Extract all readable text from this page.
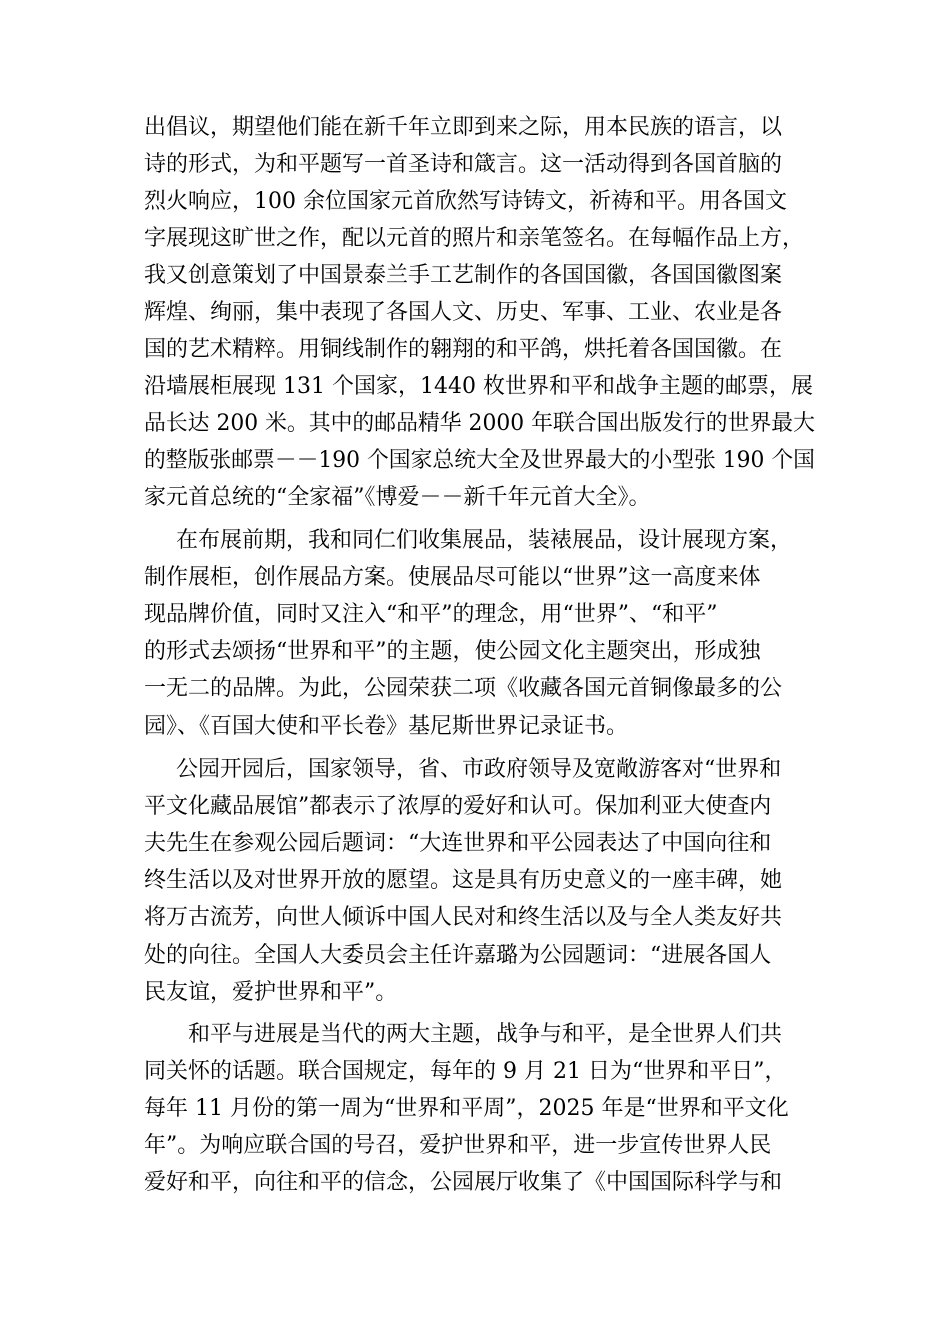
出倡议，期望他们能在新千年立即到来之际，用本民族的语言，以
诗的形式，为和平题写一首圣诗和箴言。这一活动得到各国首脑的
烈火响应，100 余位国家元首欣然写诗铸文，祈祷和平。用各国文
字展现这旷世之作，配以元首的照片和亲笔签名。在每幅作品上方，
我又创意策划了中国景泰兰手工艺制作的各国国徽，各国国徽图案
辉煌、绚丽，集中表现了各国人文、历史、军事、工业、农业是各
国的艺术精粹。用铜线制作的翱翔的和平鸽，烘托着各国国徽。在
沿墙展柜展现 131 个国家，1440 枚世界和平和战争主题的邮票，展
品长达 200 米。其中的邮品精华 2000 年联合国出版发行的世界最大
的整版张邮票－－190 个国家总统大全及世界最大的小型张 190 个国
家元首总统的“全家福”《博爱－－新千年元首大全》。
在布展前期，我和同仁们收集展品，装裱展品，设计展现方案，
制作展柜，创作展品方案。使展品尽可能以“世界”这一高度来体
现品牌价值，同时又注入“和平”的理念，用“世界”、“和平”
的形式去颂扬“世界和平”的主题，使公园文化主题突出，形成独
一无二的品牌。为此，公园荣获二项《收藏各国元首铜像最多的公
园》、《百国大使和平长卷》基尼斯世界记录证书。
公园开园后，国家领导，省、市政府领导及宽敞游客对“世界和
平文化藏品展馆”都表示了浓厚的爱好和认可。保加利亚大使查内
夫先生在参观公园后题词：“大连世界和平公园表达了中国向往和
终生活以及对世界开放的愿望。这是具有历史意义的一座丰碑，她
将万古流芳，向世人倾诉中国人民对和终生活以及与全人类友好共
处的向往。全国人大委员会主任许嘉璐为公园题词：“进展各国人
民友谊，爱护世界和平”。
和平与进展是当代的两大主题，战争与和平，是全世界人们共
同关怀的话题。联合国规定，每年的 9 月 21 日为“世界和平日”，
每年 11 月份的第一周为“世界和平周”，2025 年是“世界和平文化
年”。为响应联合国的号召，爱护世界和平，进一步宣传世界人民
爱好和平，向往和平的信念，公园展厅收集了《中国国际科学与和
